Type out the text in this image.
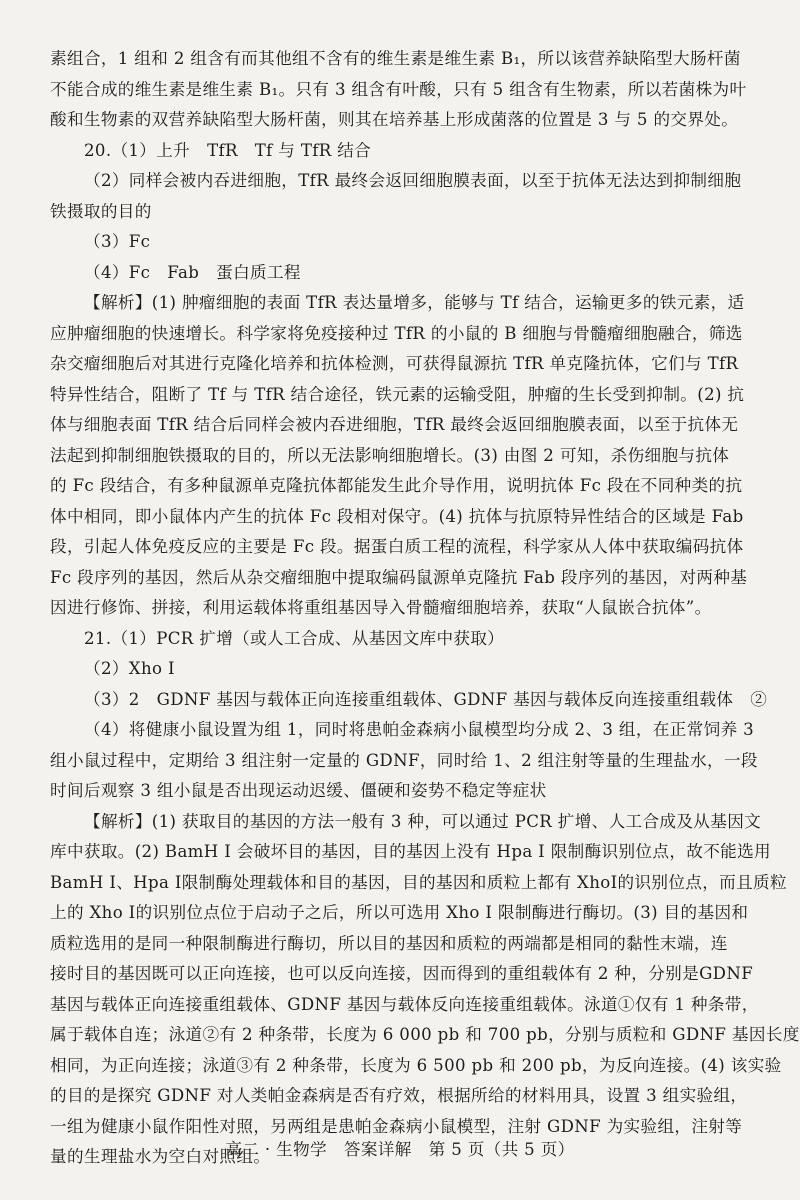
素组合，1 组和 2 组含有而其他组不含有的维生素是维生素 B₁，所以该营养缺陷型大肠杆菌
不能合成的维生素是维生素 B₁。只有 3 组含有叶酸，只有 5 组含有生物素，所以若菌株为叶
酸和生物素的双营养缺陷型大肠杆菌，则其在培养基上形成菌落的位置是 3 与 5 的交界处。
20.（1）上升　TfR　Tf 与 TfR 结合
（2）同样会被内吞进细胞，TfR 最终会返回细胞膜表面，以至于抗体无法达到抑制细胞
铁摄取的目的
（3）Fc
（4）Fc　Fab　蛋白质工程
【解析】(1) 肿瘤细胞的表面 TfR 表达量增多，能够与 Tf 结合，运输更多的铁元素，适
应肿瘤细胞的快速增长。科学家将免疫接种过 TfR 的小鼠的 B 细胞与骨髓瘤细胞融合，筛选
杂交瘤细胞后对其进行克隆化培养和抗体检测，可获得鼠源抗 TfR 单克隆抗体，它们与 TfR
特异性结合，阻断了 Tf 与 TfR 结合途径，铁元素的运输受阻，肿瘤的生长受到抑制。(2) 抗
体与细胞表面 TfR 结合后同样会被内吞进细胞，TfR 最终会返回细胞膜表面，以至于抗体无
法起到抑制细胞铁摄取的目的，所以无法影响细胞增长。(3) 由图 2 可知，杀伤细胞与抗体
的 Fc 段结合，有多种鼠源单克隆抗体都能发生此介导作用，说明抗体 Fc 段在不同种类的抗
体中相同，即小鼠体内产生的抗体 Fc 段相对保守。(4) 抗体与抗原特异性结合的区域是 Fab
段，引起人体免疫反应的主要是 Fc 段。据蛋白质工程的流程，科学家从人体中获取编码抗体
Fc 段序列的基因，然后从杂交瘤细胞中提取编码鼠源单克隆抗 Fab 段序列的基因，对两种基
因进行修饰、拼接，利用运载体将重组基因导入骨髓瘤细胞培养，获取“人鼠嵌合抗体”。
21.（1）PCR 扩增（或人工合成、从基因文库中获取）
（2）Xho Ⅰ
（3）2　GDNF 基因与载体正向连接重组载体、GDNF 基因与载体反向连接重组载体　②
（4）将健康小鼠设置为组 1，同时将患帕金森病小鼠模型均分成 2、3 组，在正常饲养 3
组小鼠过程中，定期给 3 组注射一定量的 GDNF，同时给 1、2 组注射等量的生理盐水，一段
时间后观察 3 组小鼠是否出现运动迟缓、僵硬和姿势不稳定等症状
【解析】(1) 获取目的基因的方法一般有 3 种，可以通过 PCR 扩增、人工合成及从基因文
库中获取。(2) BamH Ⅰ 会破坏目的基因，目的基因上没有 Hpa Ⅰ 限制酶识别位点，故不能选用
BamH Ⅰ、Hpa Ⅰ限制酶处理载体和目的基因，目的基因和质粒上都有 XhoⅠ的识别位点，而且质粒
上的 Xho Ⅰ的识别位点位于启动子之后，所以可选用 Xho Ⅰ 限制酶进行酶切。(3) 目的基因和
质粒选用的是同一种限制酶进行酶切，所以目的基因和质粒的两端都是相同的黏性末端，连
接时目的基因既可以正向连接，也可以反向连接，因而得到的重组载体有 2 种，分别是GDNF
基因与载体正向连接重组载体、GDNF 基因与载体反向连接重组载体。泳道①仅有 1 种条带，
属于载体自连；泳道②有 2 种条带，长度为 6 000 pb 和 700 pb，分别与质粒和 GDNF 基因长度
相同，为正向连接；泳道③有 2 种条带，长度为 6 500 pb 和 200 pb，为反向连接。(4) 该实验
的目的是探究 GDNF 对人类帕金森病是否有疗效，根据所给的材料用具，设置 3 组实验组，
一组为健康小鼠作阳性对照，另两组是患帕金森病小鼠模型，注射 GDNF 为实验组，注射等
量的生理盐水为空白对照组。
高二 · 生物学　答案详解　第 5 页（共 5 页）
